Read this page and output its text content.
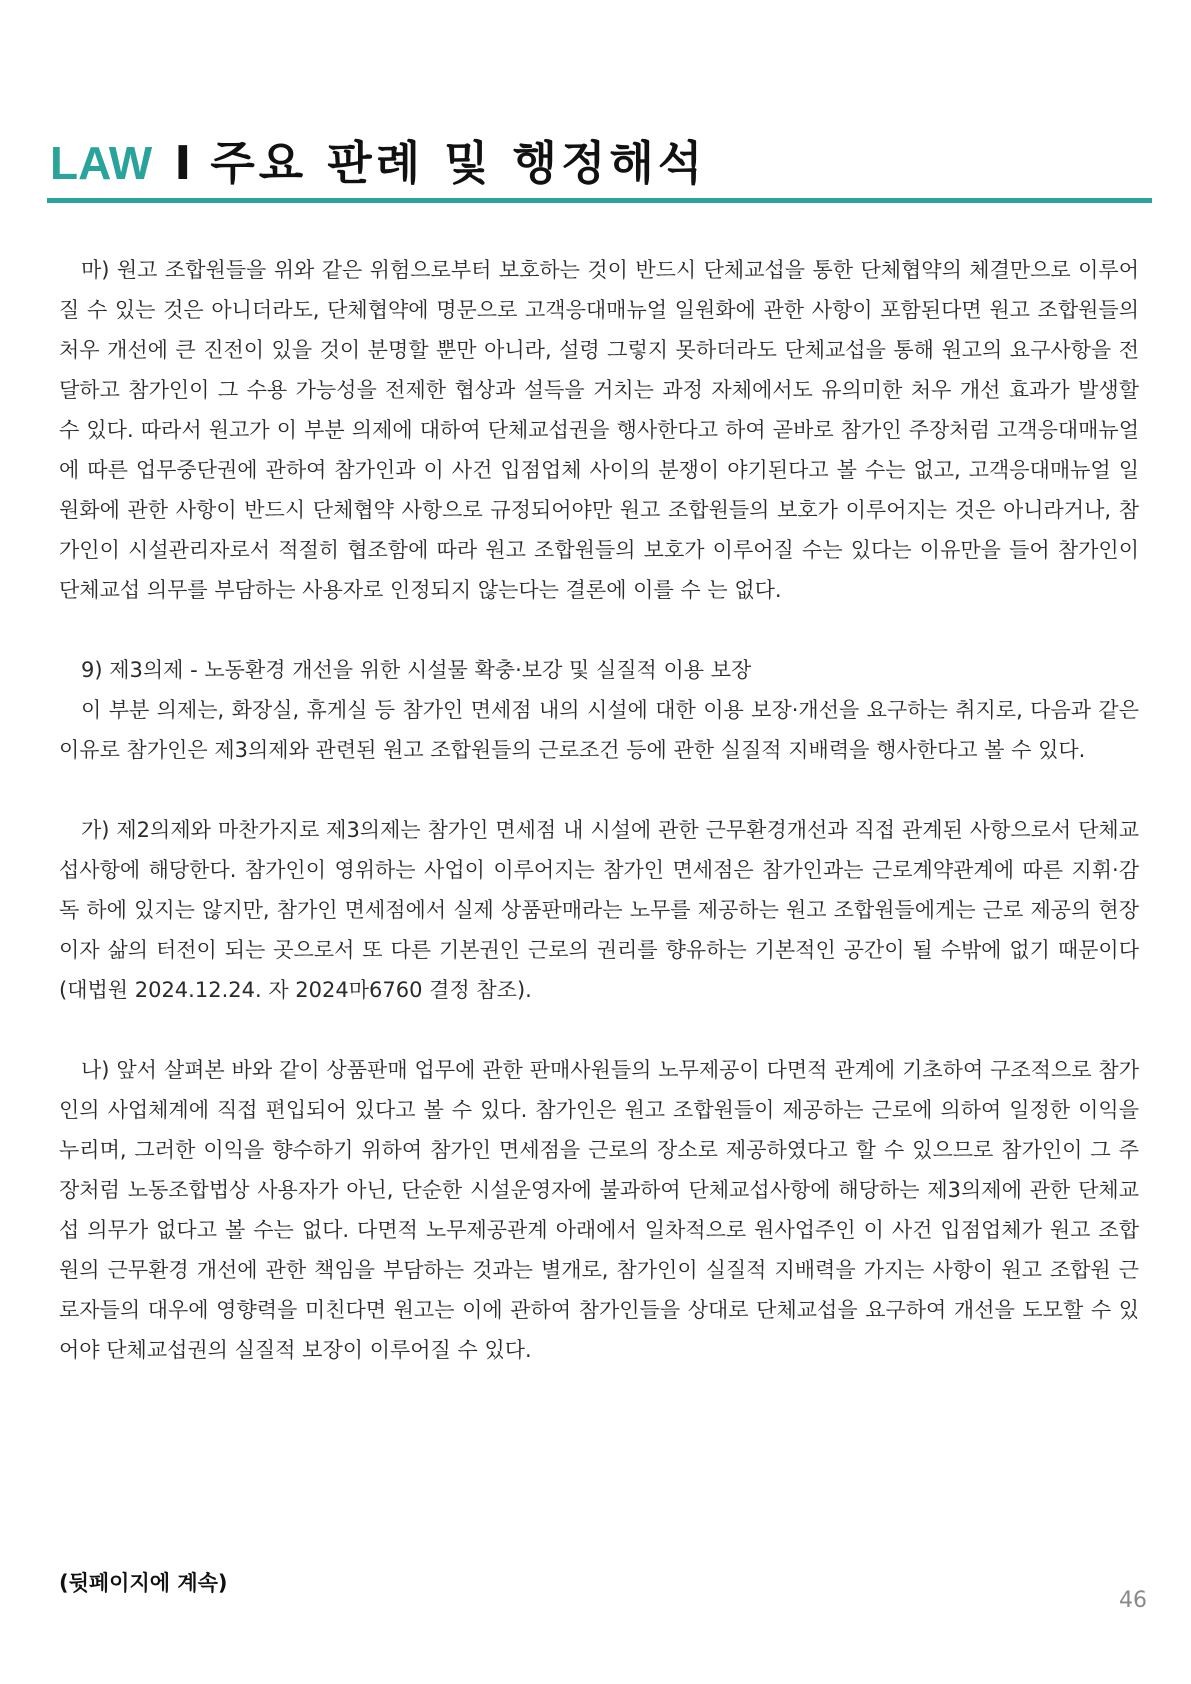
LAW I 주요 판례 및 행정해석

마) 원고 조합원들을 위와 같은 위험으로부터 보호하는 것이 반드시 단체교섭을 통한 단체협약의 체결만으로 이루어질 수 있는 것은 아니더라도, 단체협약에 명문으로 고객응대매뉴얼 일원화에 관한 사항이 포함된다면 원고 조합원들의 처우 개선에 큰 진전이 있을 것이 분명할 뿐만 아니라, 설령 그렇지 못하더라도 단체교섭을 통해 원고의 요구사항을 전달하고 참가인이 그 수용 가능성을 전제한 협상과 설득을 거치는 과정 자체에서도 유의미한 처우 개선 효과가 발생할 수 있다. 따라서 원고가 이 부분 의제에 대하여 단체교섭권을 행사한다고 하여 곧바로 참가인 주장처럼 고객응대매뉴얼에 따른 업무중단권에 관하여 참가인과 이 사건 입점업체 사이의 분쟁이 야기된다고 볼 수는 없고, 고객응대매뉴얼 일원화에 관한 사항이 반드시 단체협약 사항으로 규정되어야만 원고 조합원들의 보호가 이루어지는 것은 아니라거나, 참가인이 시설관리자로서 적절히 협조함에 따라 원고 조합원들의 보호가 이루어질 수는 있다는 이유만을 들어 참가인이 단체교섭 의무를 부담하는 사용자로 인정되지 않는다는 결론에 이를 수 는 없다.

9) 제3의제 - 노동환경 개선을 위한 시설물 확충·보강 및 실질적 이용 보장

이 부분 의제는, 화장실, 휴게실 등 참가인 면세점 내의 시설에 대한 이용 보장·개선을 요구하는 취지로, 다음과 같은 이유로 참가인은 제3의제와 관련된 원고 조합원들의 근로조건 등에 관한 실질적 지배력을 행사한다고 볼 수 있다.

가) 제2의제와 마찬가지로 제3의제는 참가인 면세점 내 시설에 관한 근무환경개선과 직접 관계된 사항으로서 단체교섭사항에 해당한다. 참가인이 영위하는 사업이 이루어지는 참가인 면세점은 참가인과는 근로계약관계에 따른 지휘·감독 하에 있지는 않지만, 참가인 면세점에서 실제 상품판매라는 노무를 제공하는 원고 조합원들에게는 근로 제공의 현장이자 삶의 터전이 되는 곳으로서 또 다른 기본권인 근로의 권리를 향유하는 기본적인 공간이 될 수밖에 없기 때문이다(대법원 2024.12.24. 자 2024마6760 결정 참조).

나) 앞서 살펴본 바와 같이 상품판매 업무에 관한 판매사원들의 노무제공이 다면적 관계에 기초하여 구조적으로 참가인의 사업체계에 직접 편입되어 있다고 볼 수 있다. 참가인은 원고 조합원들이 제공하는 근로에 의하여 일정한 이익을 누리며, 그러한 이익을 향수하기 위하여 참가인 면세점을 근로의 장소로 제공하였다고 할 수 있으므로 참가인이 그 주장처럼 노동조합법상 사용자가 아닌, 단순한 시설운영자에 불과하여 단체교섭사항에 해당하는 제3의제에 관한 단체교섭 의무가 없다고 볼 수는 없다. 다면적 노무제공관계 아래에서 일차적으로 원사업주인 이 사건 입점업체가 원고 조합원의 근무환경 개선에 관한 책임을 부담하는 것과는 별개로, 참가인이 실질적 지배력을 가지는 사항이 원고 조합원 근로자들의 대우에 영향력을 미친다면 원고는 이에 관하여 참가인들을 상대로 단체교섭을 요구하여 개선을 도모할 수 있어야 단체교섭권의 실질적 보장이 이루어질 수 있다.

(뒷페이지에 계속)

46
